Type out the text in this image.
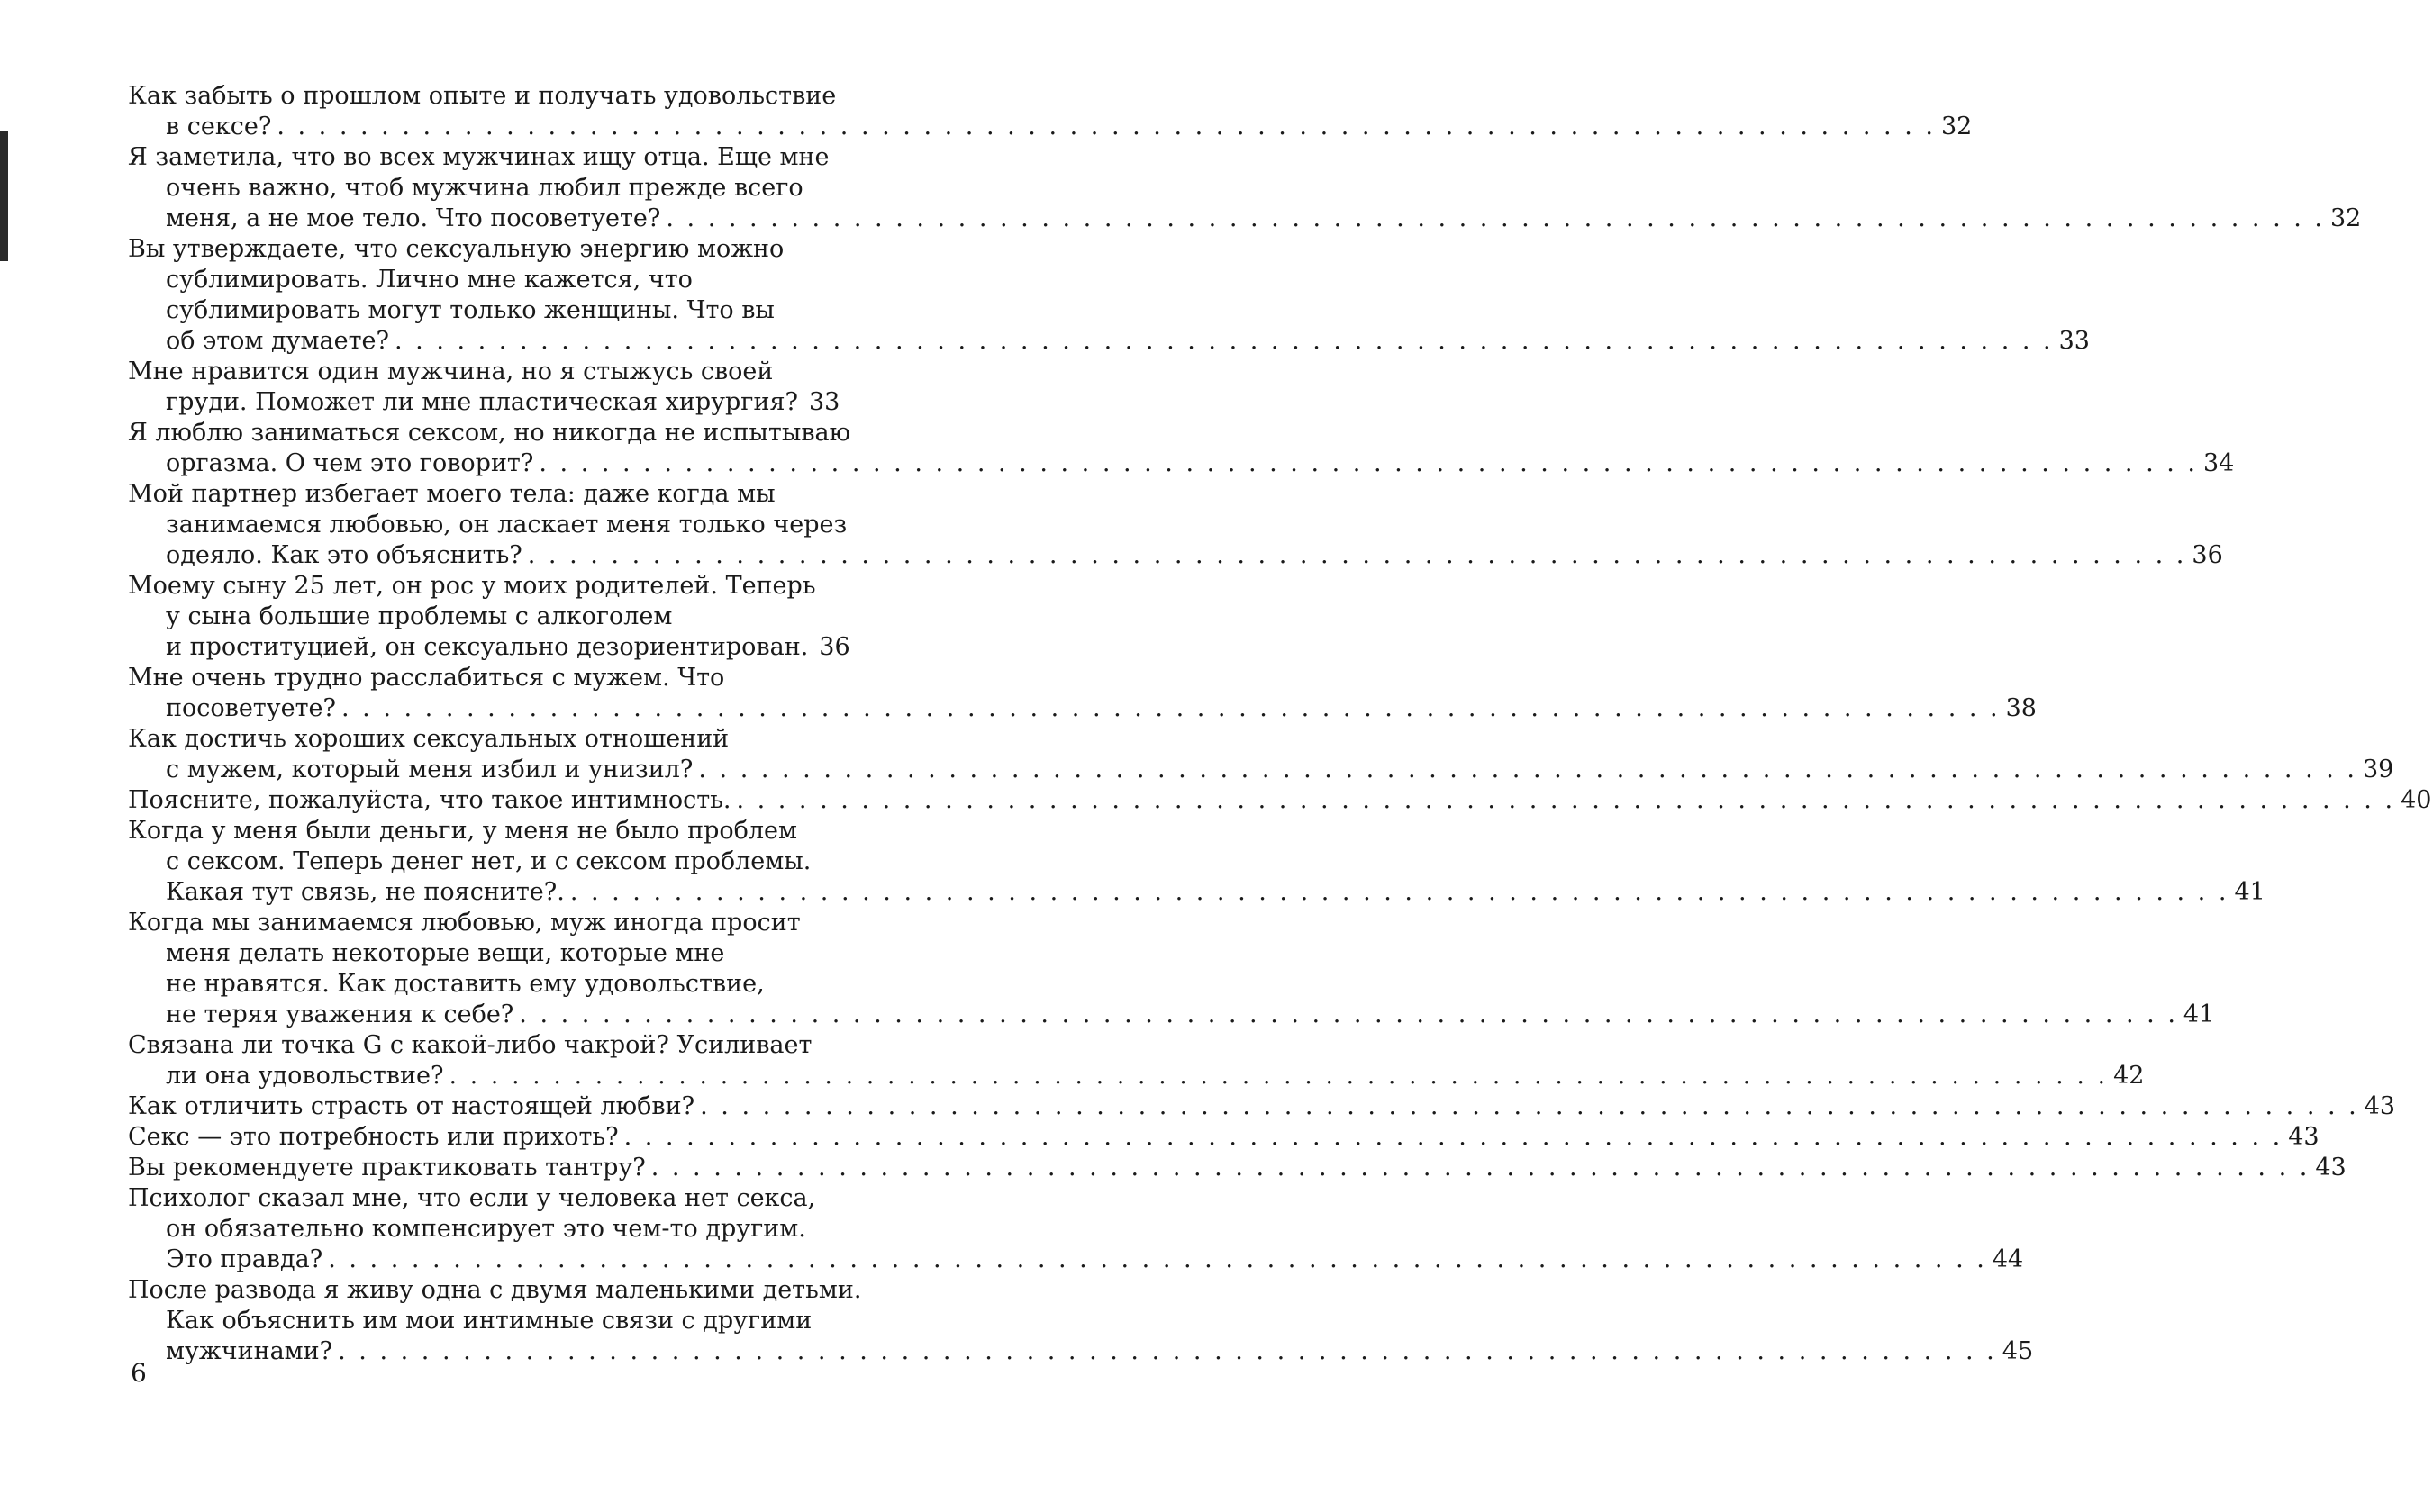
Как забыть о прошлом опыте и получать удовольствие
в сексе? . . . . . . . . . . . . . . . . . . . . . . . . . . . . . . . . . . . . . . . . . . . . . . . . . . . . . . . . . . . . . . . . . . . . . . . . . . . . . . . . 32
Я заметила, что во всех мужчинах ищу отца. Еще мне
очень важно, чтоб мужчина любил прежде всего
меня, а не мое тело. Что посоветуете? . . . . . . . . . . . . . . . . . . . . . . . . . . . . . . . . . . . . . . . . . . . . . . . . . . . . . . . . . . . . . . . . . . . . . . . . . . . . . . . . 32
Вы утверждаете, что сексуальную энергию можно
сублимировать. Лично мне кажется, что
сублимировать могут только женщины. Что вы
об этом думаете? . . . . . . . . . . . . . . . . . . . . . . . . . . . . . . . . . . . . . . . . . . . . . . . . . . . . . . . . . . . . . . . . . . . . . . . . . . . . . . . . 33
Мне нравится один мужчина, но я стыжусь своей
груди. Поможет ли мне пластическая хирургия? 33
Я люблю заниматься сексом, но никогда не испытываю
оргазма. О чем это говорит? . . . . . . . . . . . . . . . . . . . . . . . . . . . . . . . . . . . . . . . . . . . . . . . . . . . . . . . . . . . . . . . . . . . . . . . . . . . . . . . . 34
Мой партнер избегает моего тела: даже когда мы
занимаемся любовью, он ласкает меня только через
одеяло. Как это объяснить? . . . . . . . . . . . . . . . . . . . . . . . . . . . . . . . . . . . . . . . . . . . . . . . . . . . . . . . . . . . . . . . . . . . . . . . . . . . . . . . . 36
Моему сыну 25 лет, он рос у моих родителей. Теперь
у сына большие проблемы с алкоголем
и проституцией, он сексуально дезориентирован. 36
Мне очень трудно расслабиться с мужем. Что
посоветуете? . . . . . . . . . . . . . . . . . . . . . . . . . . . . . . . . . . . . . . . . . . . . . . . . . . . . . . . . . . . . . . . . . . . . . . . . . . . . . . . . 38
Как достичь хороших сексуальных отношений
с мужем, который меня избил и унизил? . . . . . . . . . . . . . . . . . . . . . . . . . . . . . . . . . . . . . . . . . . . . . . . . . . . . . . . . . . . . . . . . . . . . . . . . . . . . . . . . 39
Поясните, пожалуйста, что такое интимность. . . . . . . . . . . . . . . . . . . . . . . . . . . . . . . . . . . . . . . . . . . . . . . . . . . . . . . . . . . . . . . . . . . . . . . . . . . . . . . . . 40
Когда у меня были деньги, у меня не было проблем
с сексом. Теперь денег нет, и с сексом проблемы.
Какая тут связь, не поясните?. . . . . . . . . . . . . . . . . . . . . . . . . . . . . . . . . . . . . . . . . . . . . . . . . . . . . . . . . . . . . . . . . . . . . . . . . . . . . . . . . 41
Когда мы занимаемся любовью, муж иногда просит
меня делать некоторые вещи, которые мне
не нравятся. Как доставить ему удовольствие,
не теряя уважения к себе? . . . . . . . . . . . . . . . . . . . . . . . . . . . . . . . . . . . . . . . . . . . . . . . . . . . . . . . . . . . . . . . . . . . . . . . . . . . . . . . . 41
Связана ли точка G с какой-либо чакрой? Усиливает
ли она удовольствие? . . . . . . . . . . . . . . . . . . . . . . . . . . . . . . . . . . . . . . . . . . . . . . . . . . . . . . . . . . . . . . . . . . . . . . . . . . . . . . . . 42
Как отличить страсть от настоящей любви? . . . . . . . . . . . . . . . . . . . . . . . . . . . . . . . . . . . . . . . . . . . . . . . . . . . . . . . . . . . . . . . . . . . . . . . . . . . . . . . . 43
Секс — это потребность или прихоть? . . . . . . . . . . . . . . . . . . . . . . . . . . . . . . . . . . . . . . . . . . . . . . . . . . . . . . . . . . . . . . . . . . . . . . . . . . . . . . . . 43
Вы рекомендуете практиковать тантру? . . . . . . . . . . . . . . . . . . . . . . . . . . . . . . . . . . . . . . . . . . . . . . . . . . . . . . . . . . . . . . . . . . . . . . . . . . . . . . . . 43
Психолог сказал мне, что если у человека нет секса,
он обязательно компенсирует это чем-то другим.
Это правда? . . . . . . . . . . . . . . . . . . . . . . . . . . . . . . . . . . . . . . . . . . . . . . . . . . . . . . . . . . . . . . . . . . . . . . . . . . . . . . . . 44
После развода я живу одна с двумя маленькими детьми.
Как объяснить им мои интимные связи с другими
мужчинами? . . . . . . . . . . . . . . . . . . . . . . . . . . . . . . . . . . . . . . . . . . . . . . . . . . . . . . . . . . . . . . . . . . . . . . . . . . . . . . . . 45
6
